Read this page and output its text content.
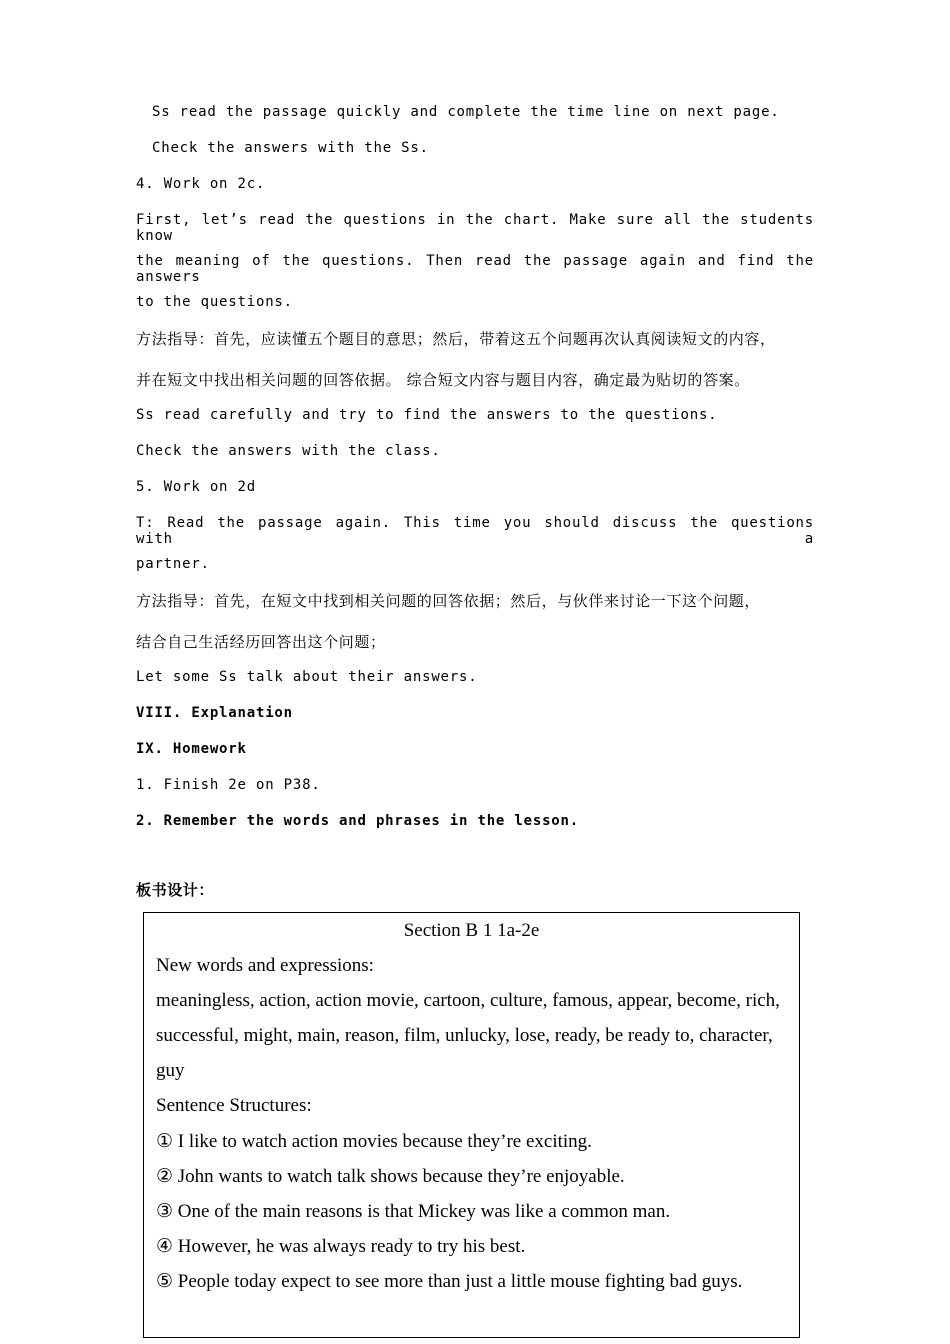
Ss read the passage quickly and complete the time line on next page.
Check the answers with the Ss.
4. Work on 2c.
First, let’s read the questions in the chart. Make sure all the students know
the meaning of the questions. Then read the passage again and find the answers
to the questions.
方法指导：首先，应读懂五个题目的意思；然后，带着这五个问题再次认真阅读短文的内容，
并在短文中找出相关问题的回答依据。 综合短文内容与题目内容，确定最为贴切的答案。
Ss read carefully and try to find the answers to the questions.
Check the answers with the class.
5. Work on 2d
T: Read the passage again. This time you should discuss the questions with a
partner.
方法指导：首先，在短文中找到相关问题的回答依据；然后，与伙伴来讨论一下这个问题，
结合自己生活经历回答出这个问题；
Let some Ss talk about their answers.
VIII. Explanation
IX. Homework
1. Finish 2e on P38.
2. Remember the words and phrases in the lesson.
板书设计：
Section B 1 1a-2e
New words and expressions:
meaningless, action, action movie, cartoon, culture, famous, appear, become, rich,
successful, might, main, reason, film, unlucky, lose, ready, be ready to, character,
guy
Sentence Structures:
① I like to watch action movies because they’re exciting.
② John wants to watch talk shows because they’re enjoyable.
③ One of the main reasons is that Mickey was like a common man.
④ However, he was always ready to try his best.
⑤ People today expect to see more than just a little mouse fighting bad guys.
